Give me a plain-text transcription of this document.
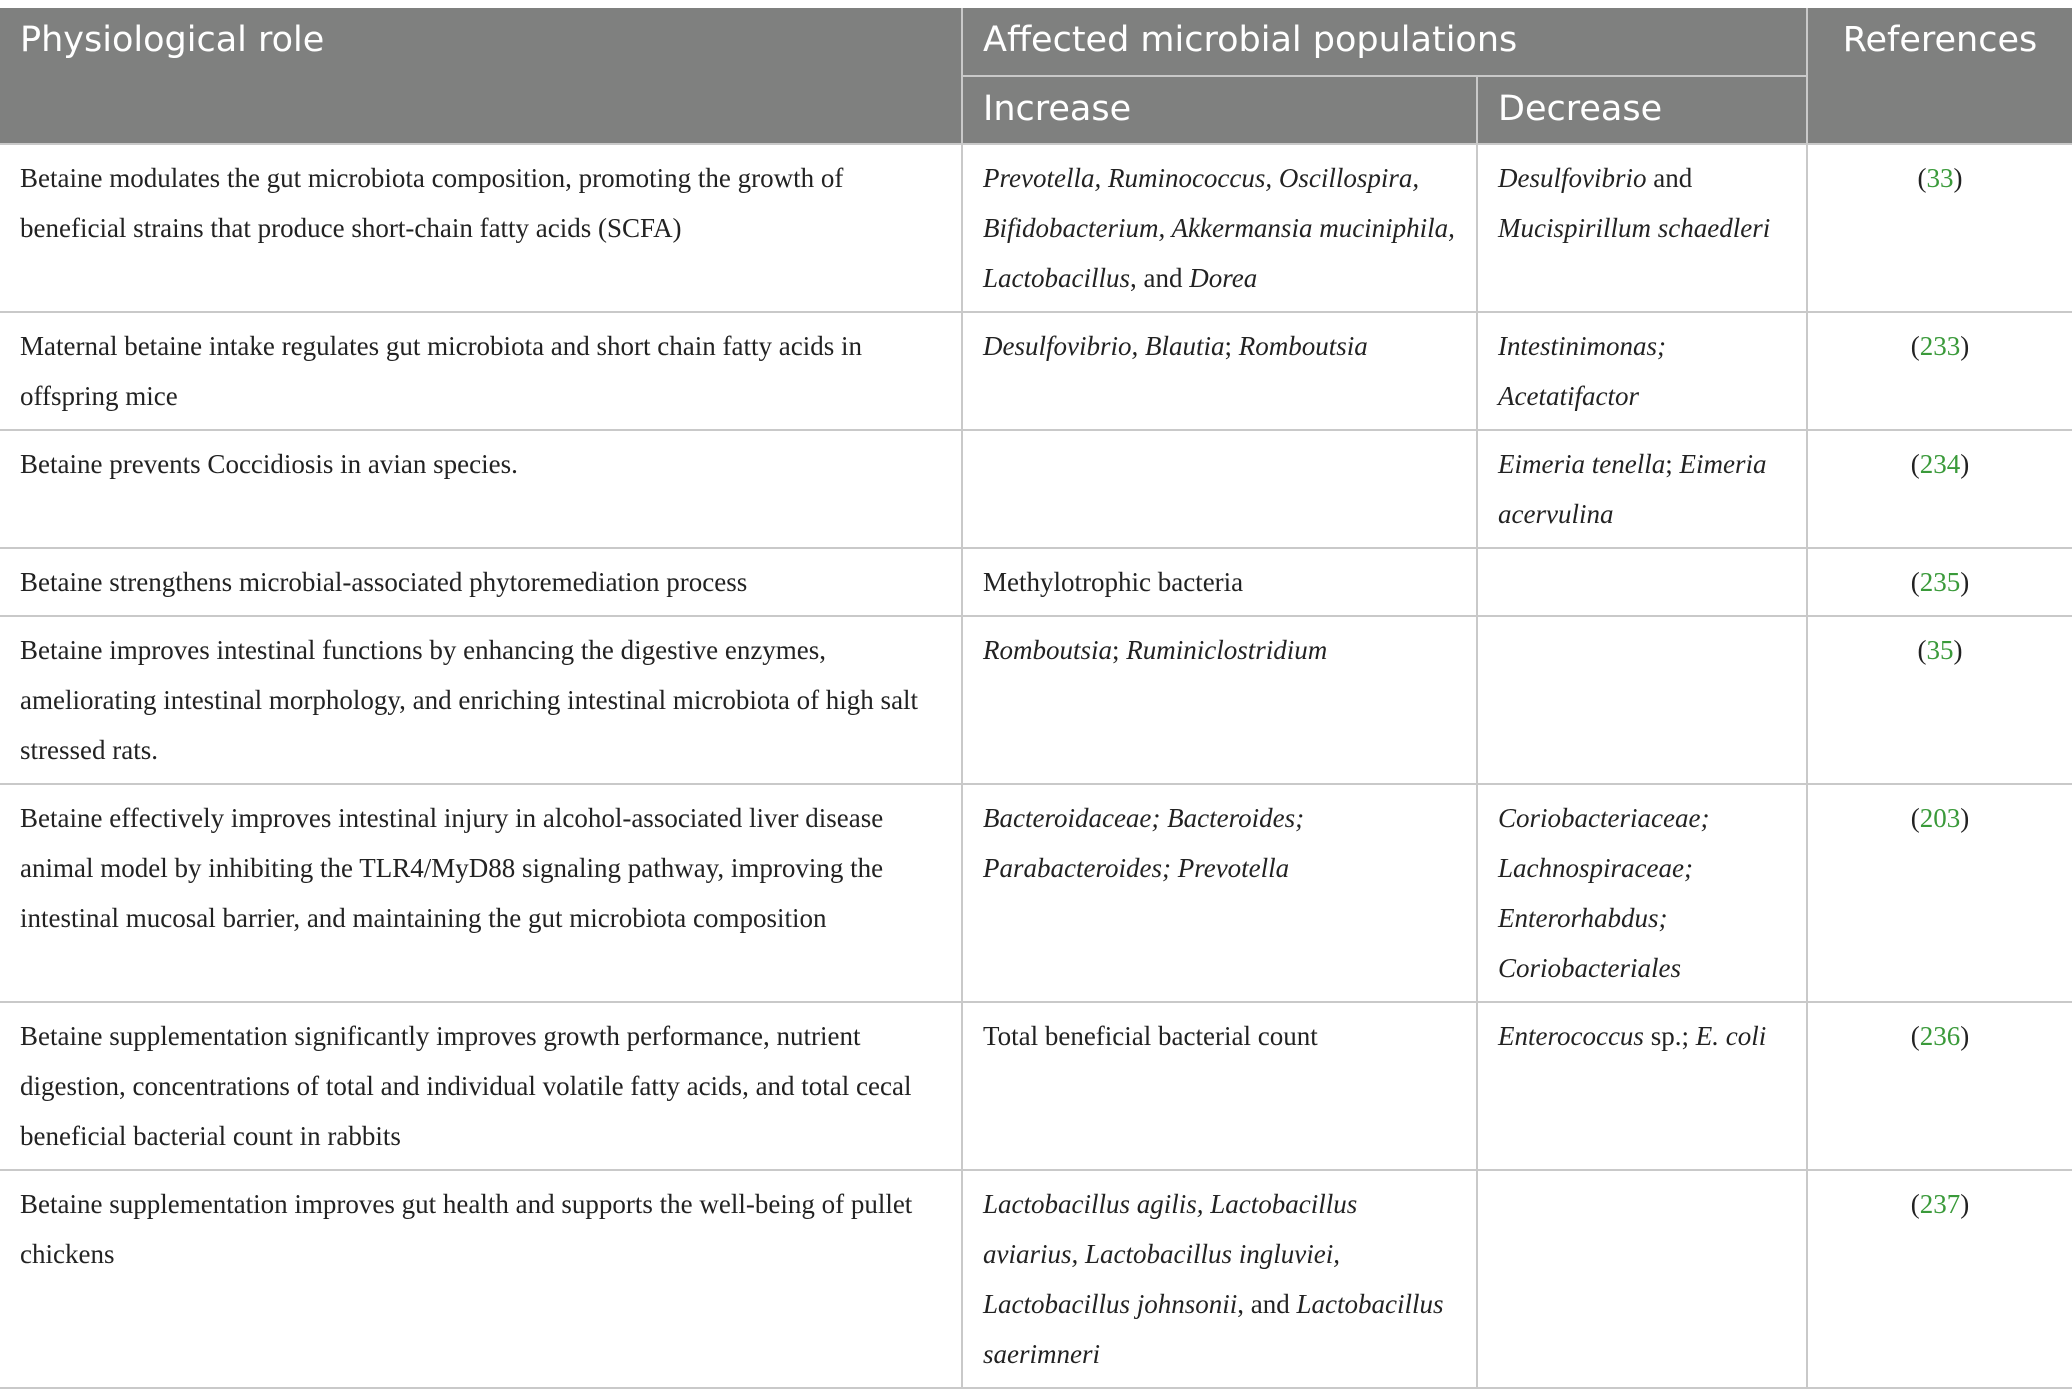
Physiological role	Affected microbial populations		References
	Increase	Decrease	
Betaine modulates the gut microbiota composition, promoting the growth of beneficial strains that produce short-chain fatty acids (SCFA)	Prevotella, Ruminococcus, Oscillospira, Bifidobacterium, Akkermansia muciniphila, Lactobacillus, and Dorea	Desulfovibrio and Mucispirillum schaedleri	(33)
Maternal betaine intake regulates gut microbiota and short chain fatty acids in offspring mice	Desulfovibrio, Blautia; Romboutsia	Intestinimonas; Acetatifactor	(233)
Betaine prevents Coccidiosis in avian species.		Eimeria tenella; Eimeria acervulina	(234)
Betaine strengthens microbial-associated phytoremediation process	Methylotrophic bacteria		(235)
Betaine improves intestinal functions by enhancing the digestive enzymes, ameliorating intestinal morphology, and enriching intestinal microbiota of high salt stressed rats.	Romboutsia; Ruminiclostridium		(35)
Betaine effectively improves intestinal injury in alcohol-associated liver disease animal model by inhibiting the TLR4/MyD88 signaling pathway, improving the intestinal mucosal barrier, and maintaining the gut microbiota composition	Bacteroidaceae; Bacteroides; Parabacteroides; Prevotella	Coriobacteriaceae; Lachnospiraceae; Enterorhabdus; Coriobacteriales	(203)
Betaine supplementation significantly improves growth performance, nutrient digestion, concentrations of total and individual volatile fatty acids, and total cecal beneficial bacterial count in rabbits	Total beneficial bacterial count	Enterococcus sp.; E. coli	(236)
Betaine supplementation improves gut health and supports the well-being of pullet chickens	Lactobacillus agilis, Lactobacillus aviarius, Lactobacillus ingluviei, Lactobacillus johnsonii, and Lactobacillus saerimneri		(237)
